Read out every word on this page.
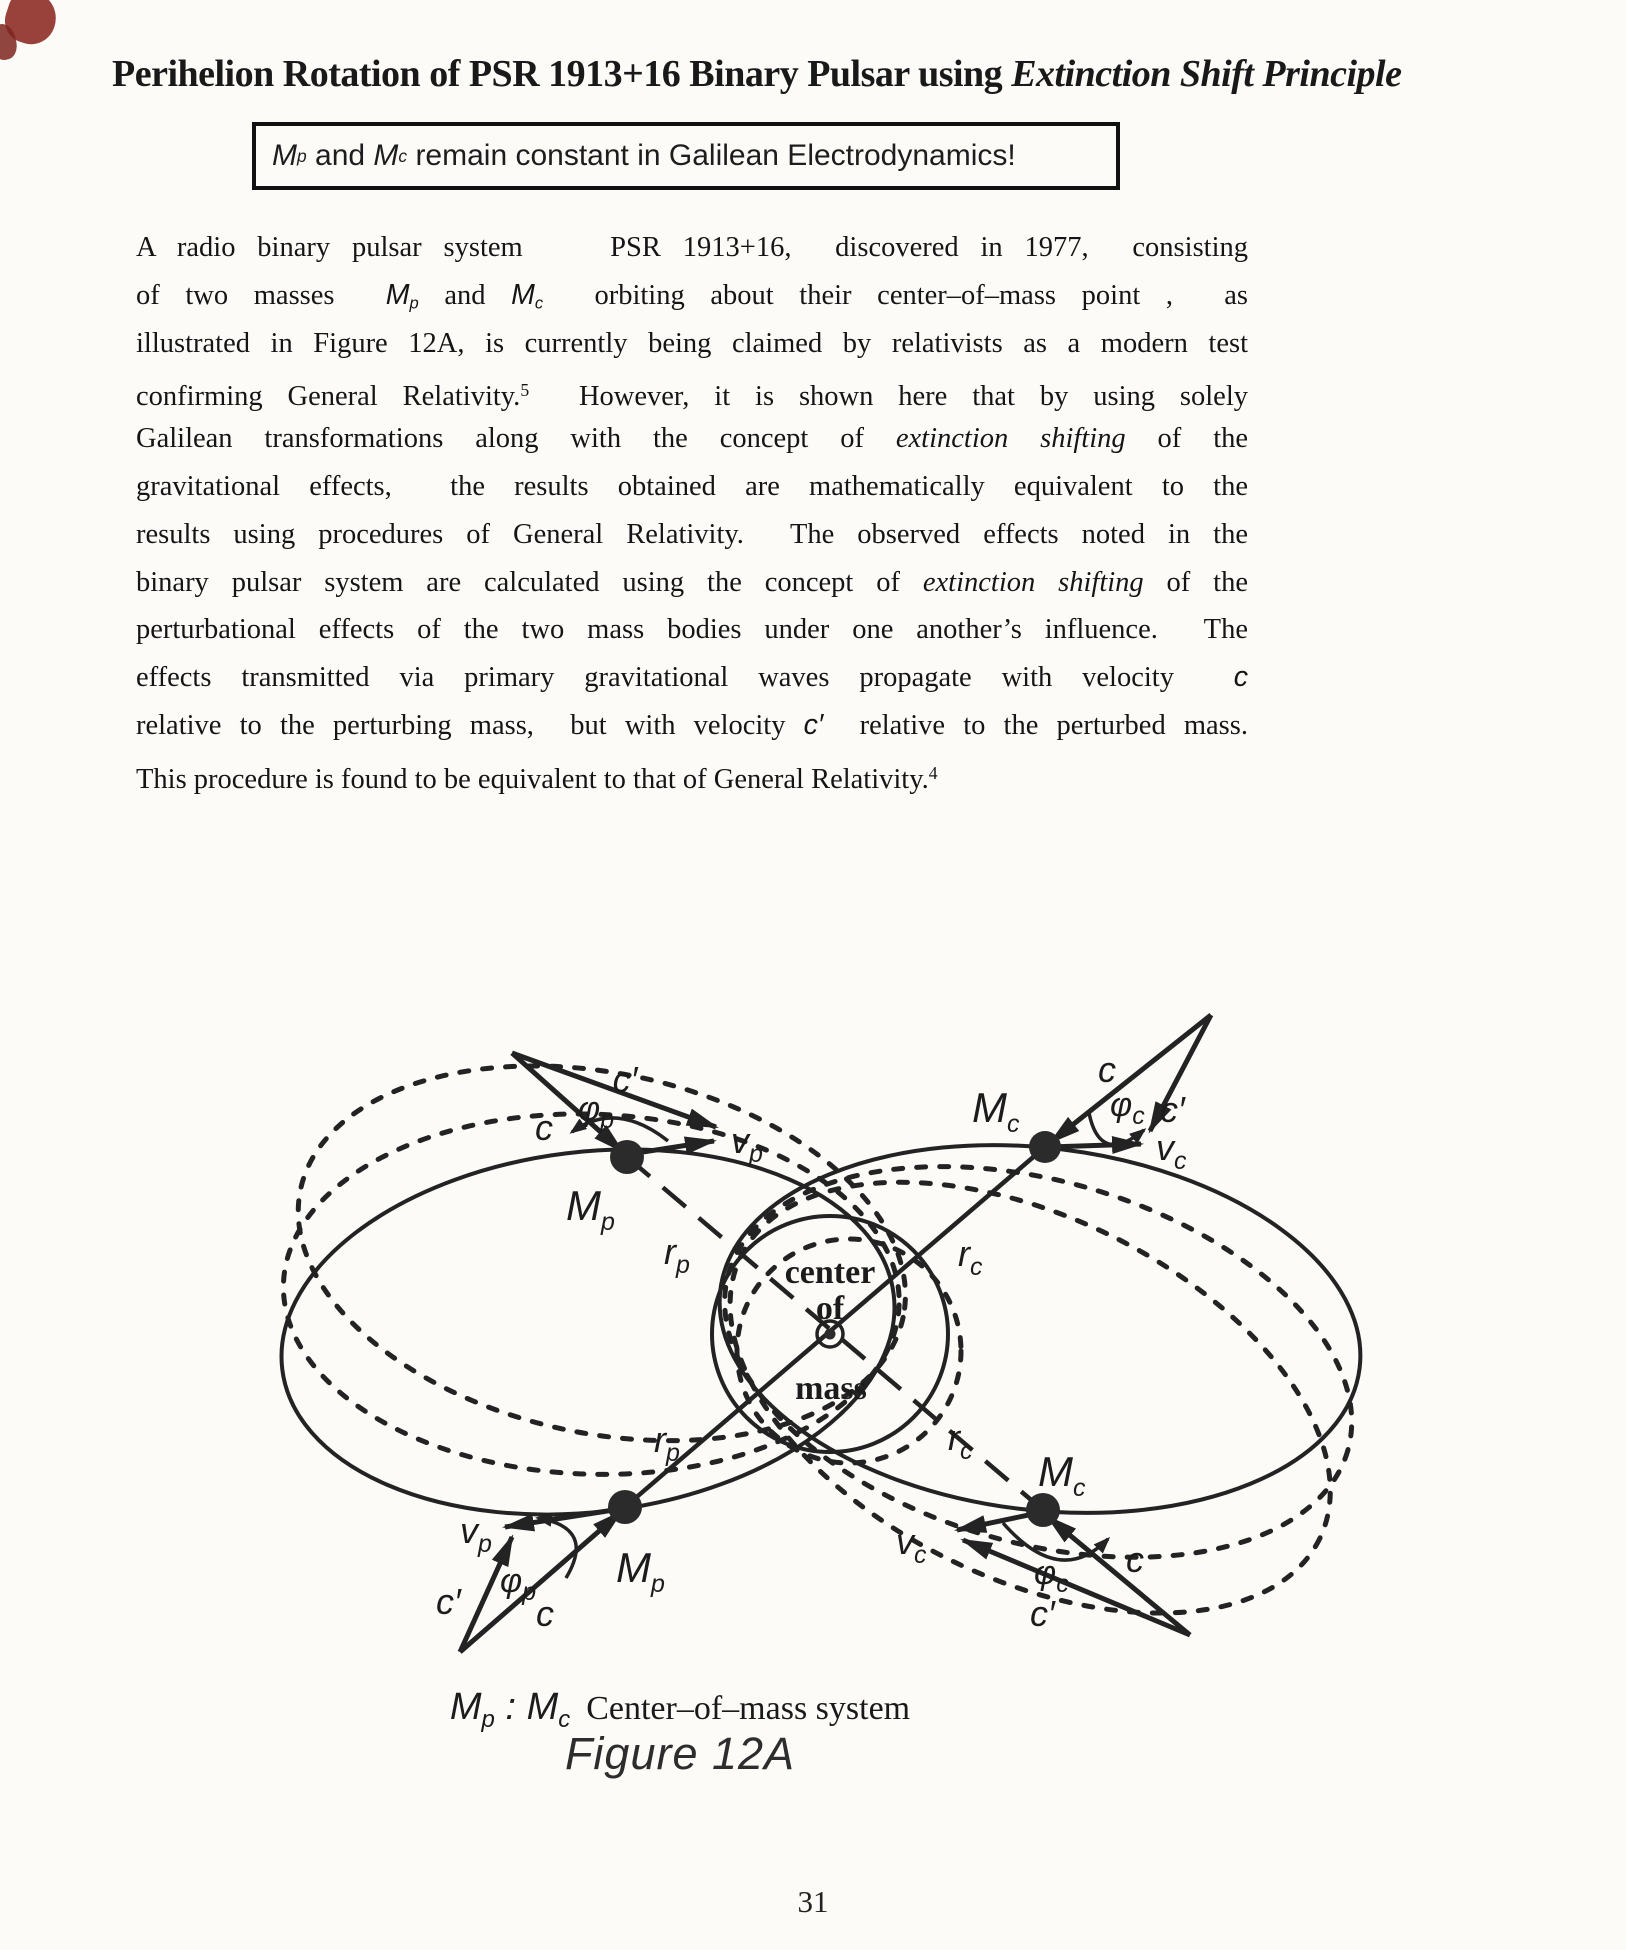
Perihelion Rotation of PSR 1913+16 Binary Pulsar using Extinction Shift Principle
M p and M c remain constant in Galilean Electrodynamics!
A radio binary pulsar system    PSR 1913+16,  discovered in 1977,  consisting
of two masses  Mp and Mc  orbiting about their center–of–mass point ,  as
illustrated in Figure 12A, is currently being claimed by relativists as a modern test
confirming General Relativity.$^5$  However, it is shown here that by using solely
Galilean transformations along with the concept of extinction shifting of the
gravitational effects,  the results obtained are mathematically equivalent to the
results using procedures of General Relativity.  The observed effects noted in the
binary pulsar system are calculated using the concept of extinction shifting of the
perturbational effects of the two mass bodies under one another’s influence.  The
effects transmitted via primary gravitational waves propagate with velocity  c
relative to the perturbing mass,  but with velocity c′  relative to the perturbed mass.
This procedure is found to be equivalent to that of General Relativity.$^4$
c′
$\varphi_p$
c	$v_p$
$M_p$
$r_p$
$M_c$
c
$\varphi_c$ c′
$v_c$
$r_c$
center
of
mass
$r_p$	$r_c$
$v_p$
$\varphi_p$
c′ c
$M_p$
$M_c$
$v_c$	$\varphi_c$
c
c′
Mp : Mc Center–of–mass system
Figure 12A
31
